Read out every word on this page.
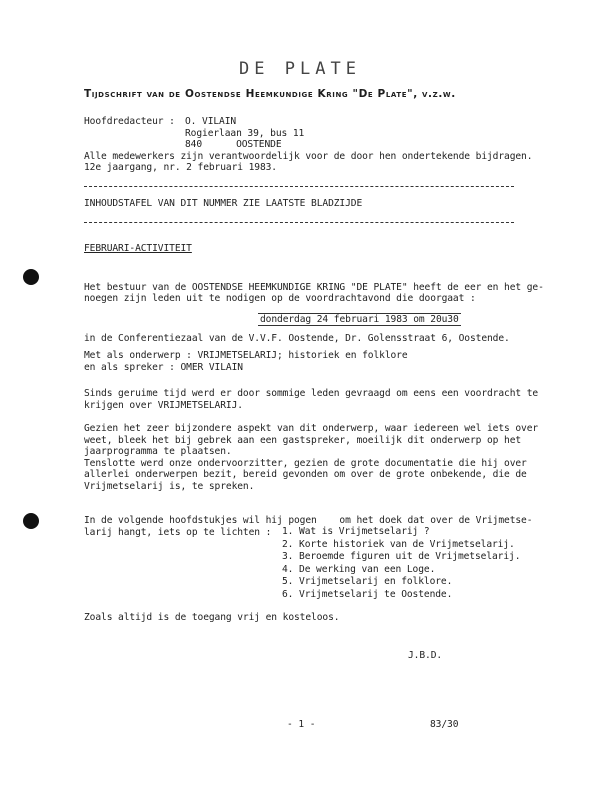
DE PLATE
Tijdschrift van de Oostendse Heemkundige Kring "De Plate", v.z.w.
Hoofdredacteur : O. VILAIN
Rogierlaan 39, bus 11
840      OOSTENDE
Alle medewerkers zijn verantwoordelijk voor de door hen ondertekende bijdragen.
12e jaargang, nr. 2 februari 1983.
INHOUDSTAFEL VAN DIT NUMMER ZIE LAATSTE BLADZIJDE
FEBRUARI-ACTIVITEIT
Het bestuur van de OOSTENDSE HEEMKUNDIGE KRING "DE PLATE" heeft de eer en het ge-
noegen zijn leden uit te nodigen op de voordrachtavond die doorgaat :
donderdag 24 februari 1983 om 20u30
in de Conferentiezaal van de V.V.F. Oostende, Dr. Golensstraat 6, Oostende.
Met als onderwerp : VRIJMETSELARIJ; historiek en folklore
en als spreker : OMER VILAIN
Sinds geruime tijd werd er door sommige leden gevraagd om eens een voordracht te
krijgen over VRIJMETSELARIJ.
Gezien het zeer bijzondere aspekt van dit onderwerp, waar iedereen wel iets over
weet, bleek het bij gebrek aan een gastspreker, moeilijk dit onderwerp op het
jaarprogramma te plaatsen.
Tenslotte werd onze ondervoorzitter, gezien de grote documentatie die hij over
allerlei onderwerpen bezit, bereid gevonden om over de grote onbekende, die de
Vrijmetselarij is, te spreken.
In de volgende hoofdstukjes wil hij pogen    om het doek dat over de Vrijmetse-
larij hangt, iets op te lichten : 1. Wat is Vrijmetselarij ?
2. Korte historiek van de Vrijmetselarij.
3. Beroemde figuren uit de Vrijmetselarij.
4. De werking van een Loge.
5. Vrijmetselarij en folklore.
6. Vrijmetselarij te Oostende.
Zoals altijd is de toegang vrij en kosteloos.
J.B.D.
- 1 -	83/30
